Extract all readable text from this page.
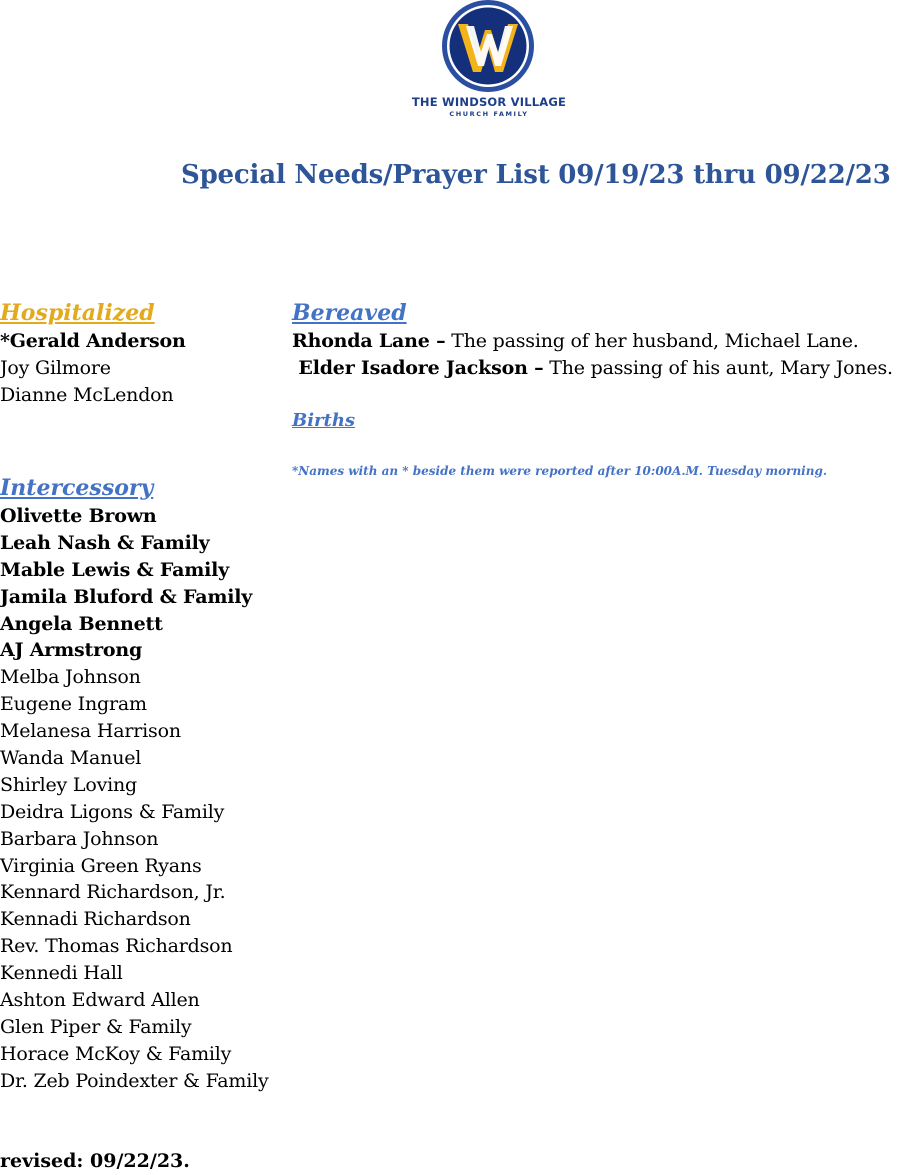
THE WINDSOR VILLAGE
CHURCH FAMILY
Special Needs/Prayer List 09/19/23 thru 09/22/23
Hospitalized
*Gerald Anderson
Joy Gilmore
Dianne McLendon
Intercessory
Olivette Brown
Leah Nash & Family
Mable Lewis & Family
Jamila Bluford & Family
Angela Bennett
AJ Armstrong
Melba Johnson
Eugene Ingram
Melanesa Harrison
Wanda Manuel
Shirley Loving
Deidra Ligons & Family
Barbara Johnson
Virginia Green Ryans
Kennard Richardson, Jr.
Kennadi Richardson
Rev. Thomas Richardson
Kennedi Hall
Ashton Edward Allen
Glen Piper & Family
Horace McKoy & Family
Dr. Zeb Poindexter & Family
Bereaved
Rhonda Lane – The passing of her husband, Michael Lane.
Elder Isadore Jackson – The passing of his aunt, Mary Jones.
Births

*Names with an * beside them were reported after 10:00A.M. Tuesday morning.

revised: 09/22/23.
